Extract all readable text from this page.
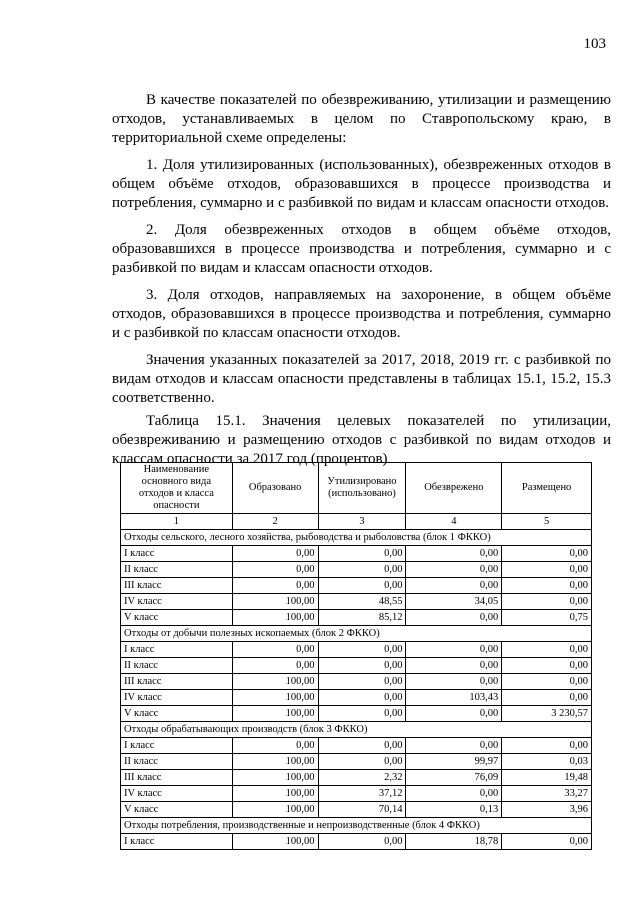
103

В качестве показателей по обезвреживанию, утилизации и размещению отходов, устанавливаемых в целом по Ставропольскому краю, в территориальной схеме определены:

1. Доля утилизированных (использованных), обезвреженных отходов в общем объёме отходов, образовавшихся в процессе производства и потребления, суммарно и с разбивкой по видам и классам опасности отходов.

2. Доля обезвреженных отходов в общем объёме отходов, образовавшихся в процессе производства и потребления, суммарно и с разбивкой по видам и классам опасности отходов.

3. Доля отходов, направляемых на захоронение, в общем объёме отходов, образовавшихся в процессе производства и потребления, суммарно и с разбивкой по классам опасности отходов.

Значения указанных показателей за 2017, 2018, 2019 гг. с разбивкой по видам отходов и классам опасности представлены в таблицах 15.1, 15.2, 15.3 соответственно.

Таблица 15.1. Значения целевых показателей по утилизации, обезвреживанию и размещению отходов с разбивкой по видам отходов и классам опасности за 2017 год (процентов)

Наименование основного вида отходов и класса опасности	Образовано	Утилизировано (использовано)	Обезврежено	Размещено
1	2	3	4	5
Отходы сельского, лесного хозяйства, рыбоводства и рыболовства (блок 1 ФККО)				
I класс	0,00	0,00	0,00	0,00
II класс	0,00	0,00	0,00	0,00
III класс	0,00	0,00	0,00	0,00
IV класс	100,00	48,55	34,05	0,00
V класс	100,00	85,12	0,00	0,75
Отходы от добычи полезных ископаемых (блок 2 ФККО)				
I класс	0,00	0,00	0,00	0,00
II класс	0,00	0,00	0,00	0,00
III класс	100,00	0,00	0,00	0,00
IV класс	100,00	0,00	103,43	0,00
V класс	100,00	0,00	0,00	3 230,57
Отходы обрабатывающих производств (блок 3 ФККО)				
I класс	0,00	0,00	0,00	0,00
II класс	100,00	0,00	99,97	0,03
III класс	100,00	2,32	76,09	19,48
IV класс	100,00	37,12	0,00	33,27
V класс	100,00	70,14	0,13	3,96
Отходы потребления, производственные и непроизводственные (блок 4 ФККО)				
I класс	100,00	0,00	18,78	0,00
